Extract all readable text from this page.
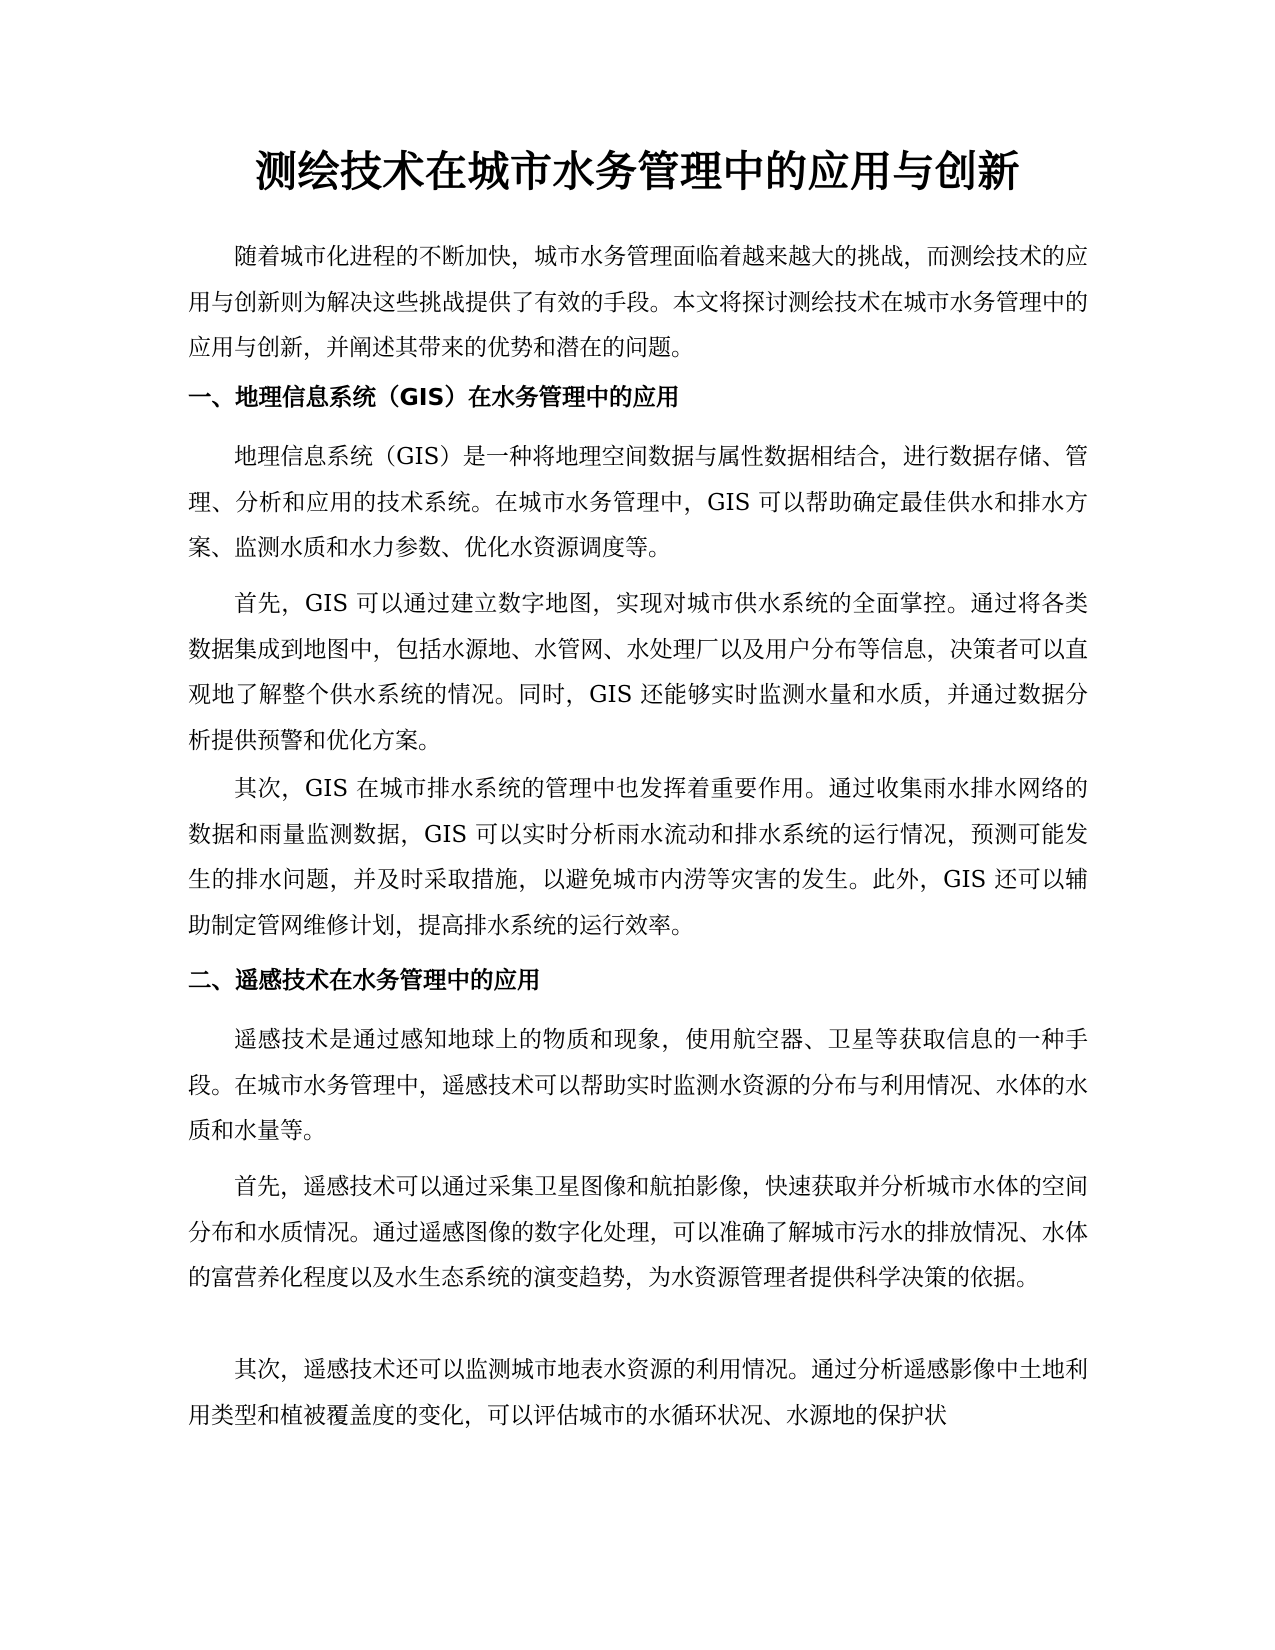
测绘技术在城市水务管理中的应用与创新

随着城市化进程的不断加快，城市水务管理面临着越来越大的挑战，而测绘技术的应用与创新则为解决这些挑战提供了有效的手段。本文将探讨测绘技术在城市水务管理中的应用与创新，并阐述其带来的优势和潜在的问题。

一、地理信息系统（GIS）在水务管理中的应用

地理信息系统（GIS）是一种将地理空间数据与属性数据相结合，进行数据存储、管理、分析和应用的技术系统。在城市水务管理中，GIS 可以帮助确定最佳供水和排水方案、监测水质和水力参数、优化水资源调度等。

首先，GIS 可以通过建立数字地图，实现对城市供水系统的全面掌控。通过将各类数据集成到地图中，包括水源地、水管网、水处理厂以及用户分布等信息，决策者可以直观地了解整个供水系统的情况。同时，GIS 还能够实时监测水量和水质，并通过数据分析提供预警和优化方案。

其次，GIS 在城市排水系统的管理中也发挥着重要作用。通过收集雨水排水网络的数据和雨量监测数据，GIS 可以实时分析雨水流动和排水系统的运行情况，预测可能发生的排水问题，并及时采取措施，以避免城市内涝等灾害的发生。此外，GIS 还可以辅助制定管网维修计划，提高排水系统的运行效率。

二、遥感技术在水务管理中的应用

遥感技术是通过感知地球上的物质和现象，使用航空器、卫星等获取信息的一种手段。在城市水务管理中，遥感技术可以帮助实时监测水资源的分布与利用情况、水体的水质和水量等。

首先，遥感技术可以通过采集卫星图像和航拍影像，快速获取并分析城市水体的空间分布和水质情况。通过遥感图像的数字化处理，可以准确了解城市污水的排放情况、水体的富营养化程度以及水生态系统的演变趋势，为水资源管理者提供科学决策的依据。

其次，遥感技术还可以监测城市地表水资源的利用情况。通过分析遥感影像中土地利用类型和植被覆盖度的变化，可以评估城市的水循环状况、水源地的保护状
